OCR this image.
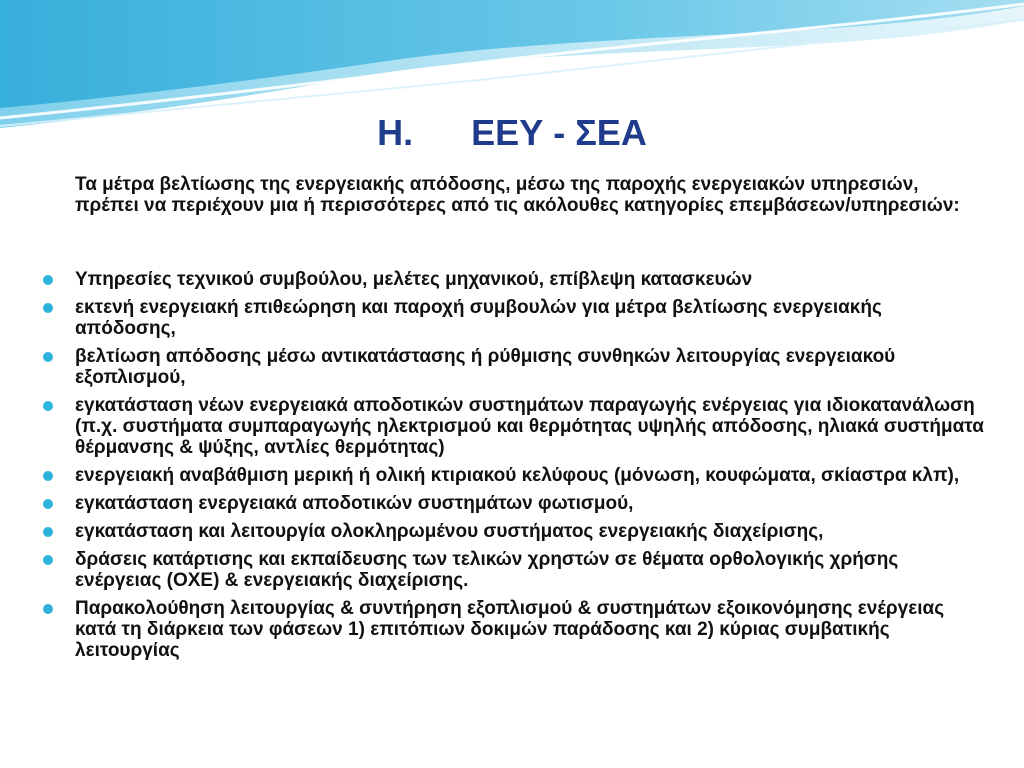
Η. ΕΕΥ - ΣΕΑ

Τα μέτρα βελτίωσης της ενεργειακής απόδοσης, μέσω της παροχής ενεργειακών υπηρεσιών, πρέπει να περιέχουν μια ή περισσότερες από τις ακόλουθες κατηγορίες επεμβάσεων/υπηρεσιών:

Υπηρεσίες τεχνικού συμβούλου, μελέτες μηχανικού, επίβλεψη κατασκευών
εκτενή ενεργειακή επιθεώρηση και παροχή συμβουλών για μέτρα βελτίωσης ενεργειακής απόδοσης,
βελτίωση απόδοσης μέσω αντικατάστασης ή ρύθμισης συνθηκών λειτουργίας ενεργειακού εξοπλισμού,
εγκατάσταση νέων ενεργειακά αποδοτικών συστημάτων παραγωγής ενέργειας για ιδιοκατανάλωση (π.χ. συστήματα συμπαραγωγής ηλεκτρισμού και θερμότητας υψηλής απόδοσης, ηλιακά συστήματα θέρμανσης & ψύξης, αντλίες θερμότητας)
ενεργειακή αναβάθμιση μερική ή ολική κτιριακού κελύφους (μόνωση, κουφώματα, σκίαστρα κλπ),
εγκατάσταση ενεργειακά αποδοτικών συστημάτων φωτισμού,
εγκατάσταση και λειτουργία ολοκληρωμένου συστήματος ενεργειακής διαχείρισης,
δράσεις κατάρτισης και εκπαίδευσης των τελικών χρηστών σε θέματα ορθολογικής χρήσης ενέργειας (ΟΧΕ) & ενεργειακής διαχείρισης.
Παρακολούθηση λειτουργίας & συντήρηση εξοπλισμού & συστημάτων εξοικονόμησης ενέργειας κατά τη διάρκεια των φάσεων 1) επιτόπιων δοκιμών παράδοσης και 2) κύριας συμβατικής λειτουργίας
